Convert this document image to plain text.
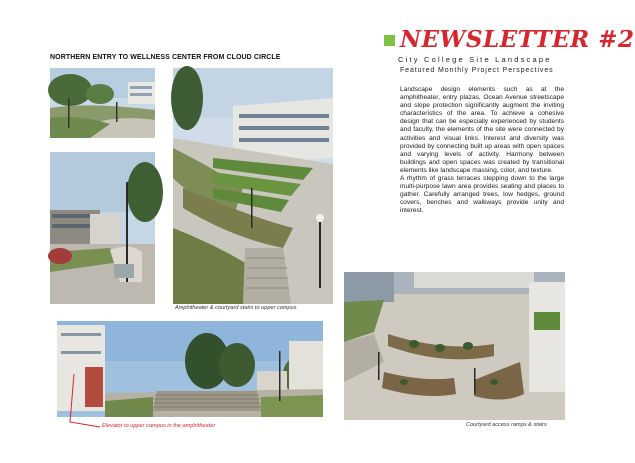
NORTHERN ENTRY TO WELLNESS CENTER FROM CLOUD CIRCLE
NEWSLETTER #2
City College Site Landscape
Featured Monthly Project Perspectives

Landscape design elements such as at the amphitheater, entry plazas, Ocean Avenue streetscape and slope protection significantly augment the inviting characteristics of the area. To achieve a cohesive design that can be especially experienced by students and faculty, the elements of the site were connected by activities and visual links. Interest and diversity was provided by connecting built up areas with open spaces and varying levels of activity. Harmony between buildings and open spaces was created by transitional elements like landscape massing, color, and texture.

A rhythm of grass terraces stepping down to the large multi-purpose lawn area provides seating and places to gather. Carefully arranged trees, low hedges, ground covers, benches and walkways provide unity and interest.

Amphitheater & courtyard stairs to upper campus
Elevator to upper campus in the amphitheater	Courtyard access ramps & stairs
